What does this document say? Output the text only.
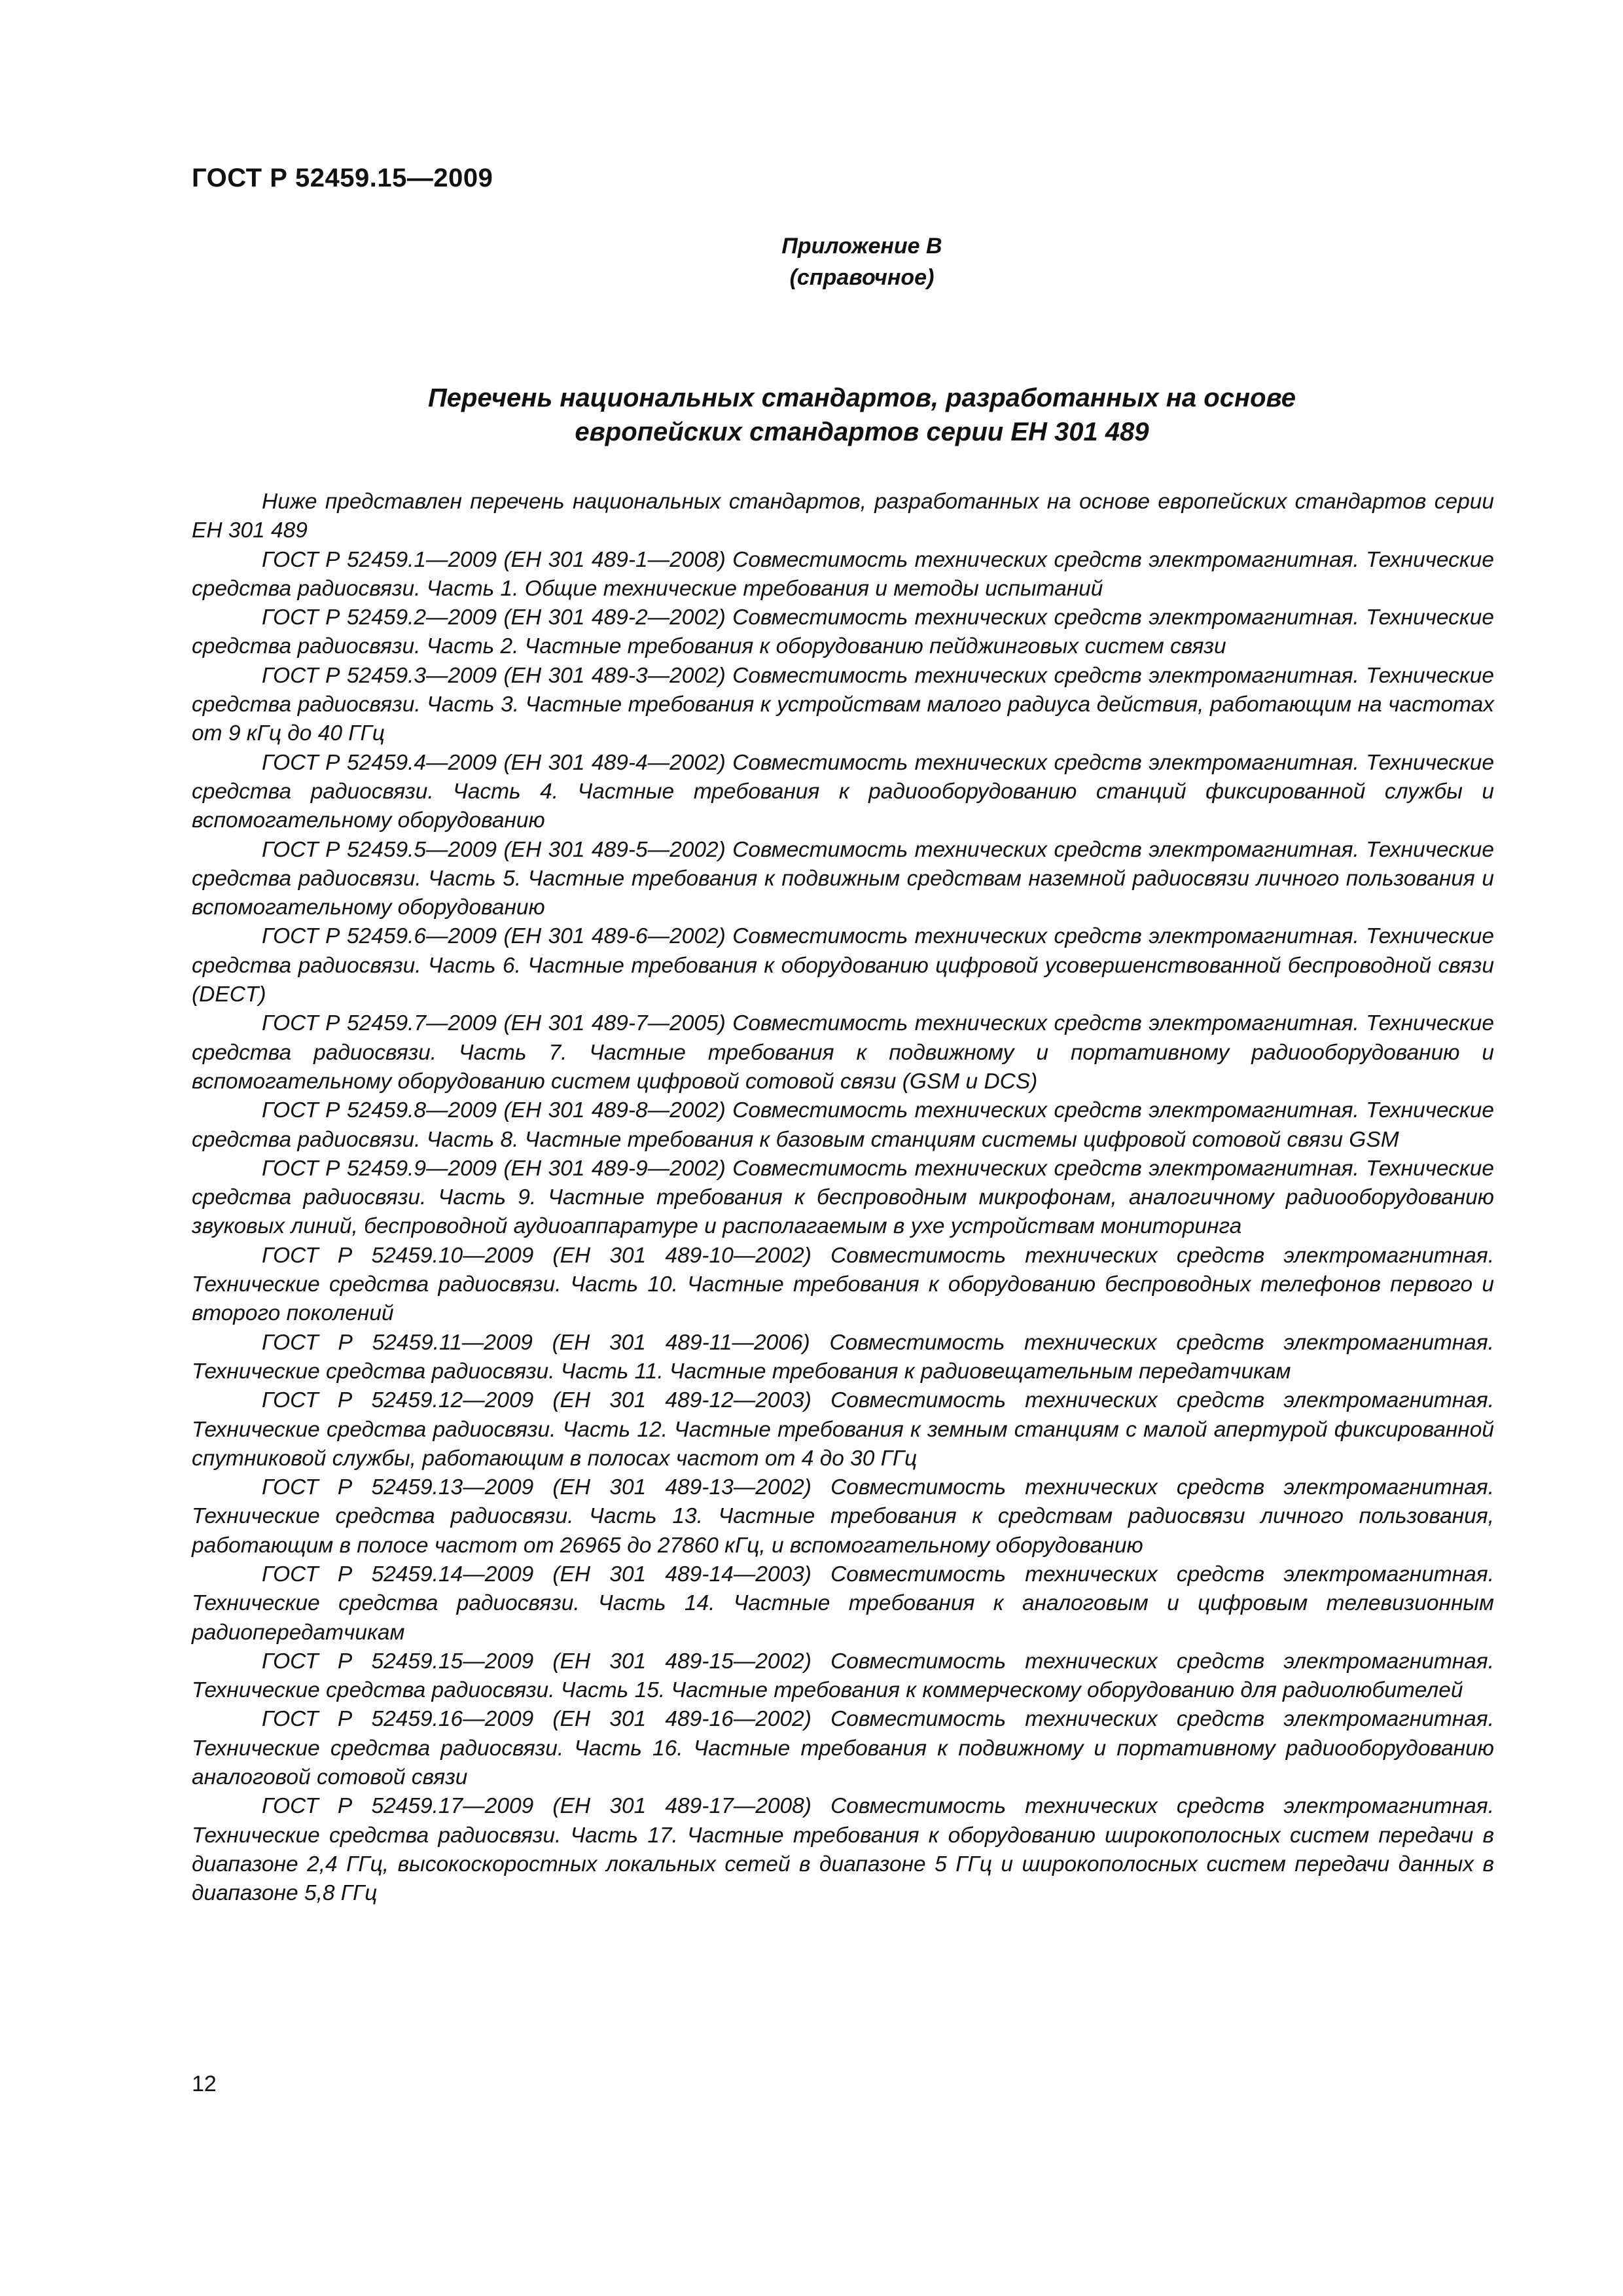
ГОСТ Р 52459.15—2009
Приложение В
(справочное)
Перечень национальных стандартов, разработанных на основе
европейских стандартов серии ЕН 301 489

Ниже представлен перечень национальных стандартов, разработанных на основе европейских стандартов серии ЕН 301 489

ГОСТ Р 52459.1—2009 (ЕН 301 489-1—2008) Совместимость технических средств электромагнитная. Технические средства радиосвязи. Часть 1. Общие технические требования и методы испытаний

ГОСТ Р 52459.2—2009 (ЕН 301 489-2—2002) Совместимость технических средств электромагнитная. Технические средства радиосвязи. Часть 2. Частные требования к оборудованию пейджинговых систем связи

ГОСТ Р 52459.3—2009 (ЕН 301 489-3—2002) Совместимость технических средств электромагнитная. Технические средства радиосвязи. Часть 3. Частные требования к устройствам малого радиуса действия, работающим на частотах от 9 кГц до 40 ГГц

ГОСТ Р 52459.4—2009 (ЕН 301 489-4—2002) Совместимость технических средств электромагнитная. Технические средства радиосвязи. Часть 4. Частные требования к радиооборудованию станций фиксированной службы и вспомогательному оборудованию

ГОСТ Р 52459.5—2009 (ЕН 301 489-5—2002) Совместимость технических средств электромагнитная. Технические средства радиосвязи. Часть 5. Частные требования к подвижным средствам наземной радиосвязи личного пользования и вспомогательному оборудованию

ГОСТ Р 52459.6—2009 (ЕН 301 489-6—2002) Совместимость технических средств электромагнитная. Технические средства радиосвязи. Часть 6. Частные требования к оборудованию цифровой усовершенствованной беспроводной связи (DECT)

ГОСТ Р 52459.7—2009 (ЕН 301 489-7—2005) Совместимость технических средств электромагнитная. Технические средства радиосвязи. Часть 7. Частные требования к подвижному и портативному радиооборудованию и вспомогательному оборудованию систем цифровой сотовой связи (GSM и DCS)

ГОСТ Р 52459.8—2009 (ЕН 301 489-8—2002) Совместимость технических средств электромагнитная. Технические средства радиосвязи. Часть 8. Частные требования к базовым станциям системы цифровой сотовой связи GSM

ГОСТ Р 52459.9—2009 (ЕН 301 489-9—2002) Совместимость технических средств электромагнитная. Технические средства радиосвязи. Часть 9. Частные требования к беспроводным микрофонам, аналогичному радиооборудованию звуковых линий, беспроводной аудиоаппаратуре и располагаемым в ухе устройствам мониторинга

ГОСТ Р 52459.10—2009 (ЕН 301 489-10—2002) Совместимость технических средств электромагнитная. Технические средства радиосвязи. Часть 10. Частные требования к оборудованию беспроводных телефонов первого и второго поколений

ГОСТ Р 52459.11—2009 (ЕН 301 489-11—2006) Совместимость технических средств электромагнитная. Технические средства радиосвязи. Часть 11. Частные требования к радиовещательным передатчикам

ГОСТ Р 52459.12—2009 (ЕН 301 489-12—2003) Совместимость технических средств электромагнитная. Технические средства радиосвязи. Часть 12. Частные требования к земным станциям с малой апертурой фиксированной спутниковой службы, работающим в полосах частот от 4 до 30 ГГц

ГОСТ Р 52459.13—2009 (ЕН 301 489-13—2002) Совместимость технических средств электромагнитная. Технические средства радиосвязи. Часть 13. Частные требования к средствам радиосвязи личного пользования, работающим в полосе частот от 26965 до 27860 кГц, и вспомогательному оборудованию

ГОСТ Р 52459.14—2009 (ЕН 301 489-14—2003) Совместимость технических средств электромагнитная. Технические средства радиосвязи. Часть 14. Частные требования к аналоговым и цифровым телевизионным радиопередатчикам

ГОСТ Р 52459.15—2009 (ЕН 301 489-15—2002) Совместимость технических средств электромагнитная. Технические средства радиосвязи. Часть 15. Частные требования к коммерческому оборудованию для радиолюбителей

ГОСТ Р 52459.16—2009 (ЕН 301 489-16—2002) Совместимость технических средств электромагнитная. Технические средства радиосвязи. Часть 16. Частные требования к подвижному и портативному радиооборудованию аналоговой сотовой связи

ГОСТ Р 52459.17—2009 (ЕН 301 489-17—2008) Совместимость технических средств электромагнитная. Технические средства радиосвязи. Часть 17. Частные требования к оборудованию широкополосных систем передачи в диапазоне 2,4 ГГц, высокоскоростных локальных сетей в диапазоне 5 ГГц и широкополосных систем передачи данных в диапазоне 5,8 ГГц

12
